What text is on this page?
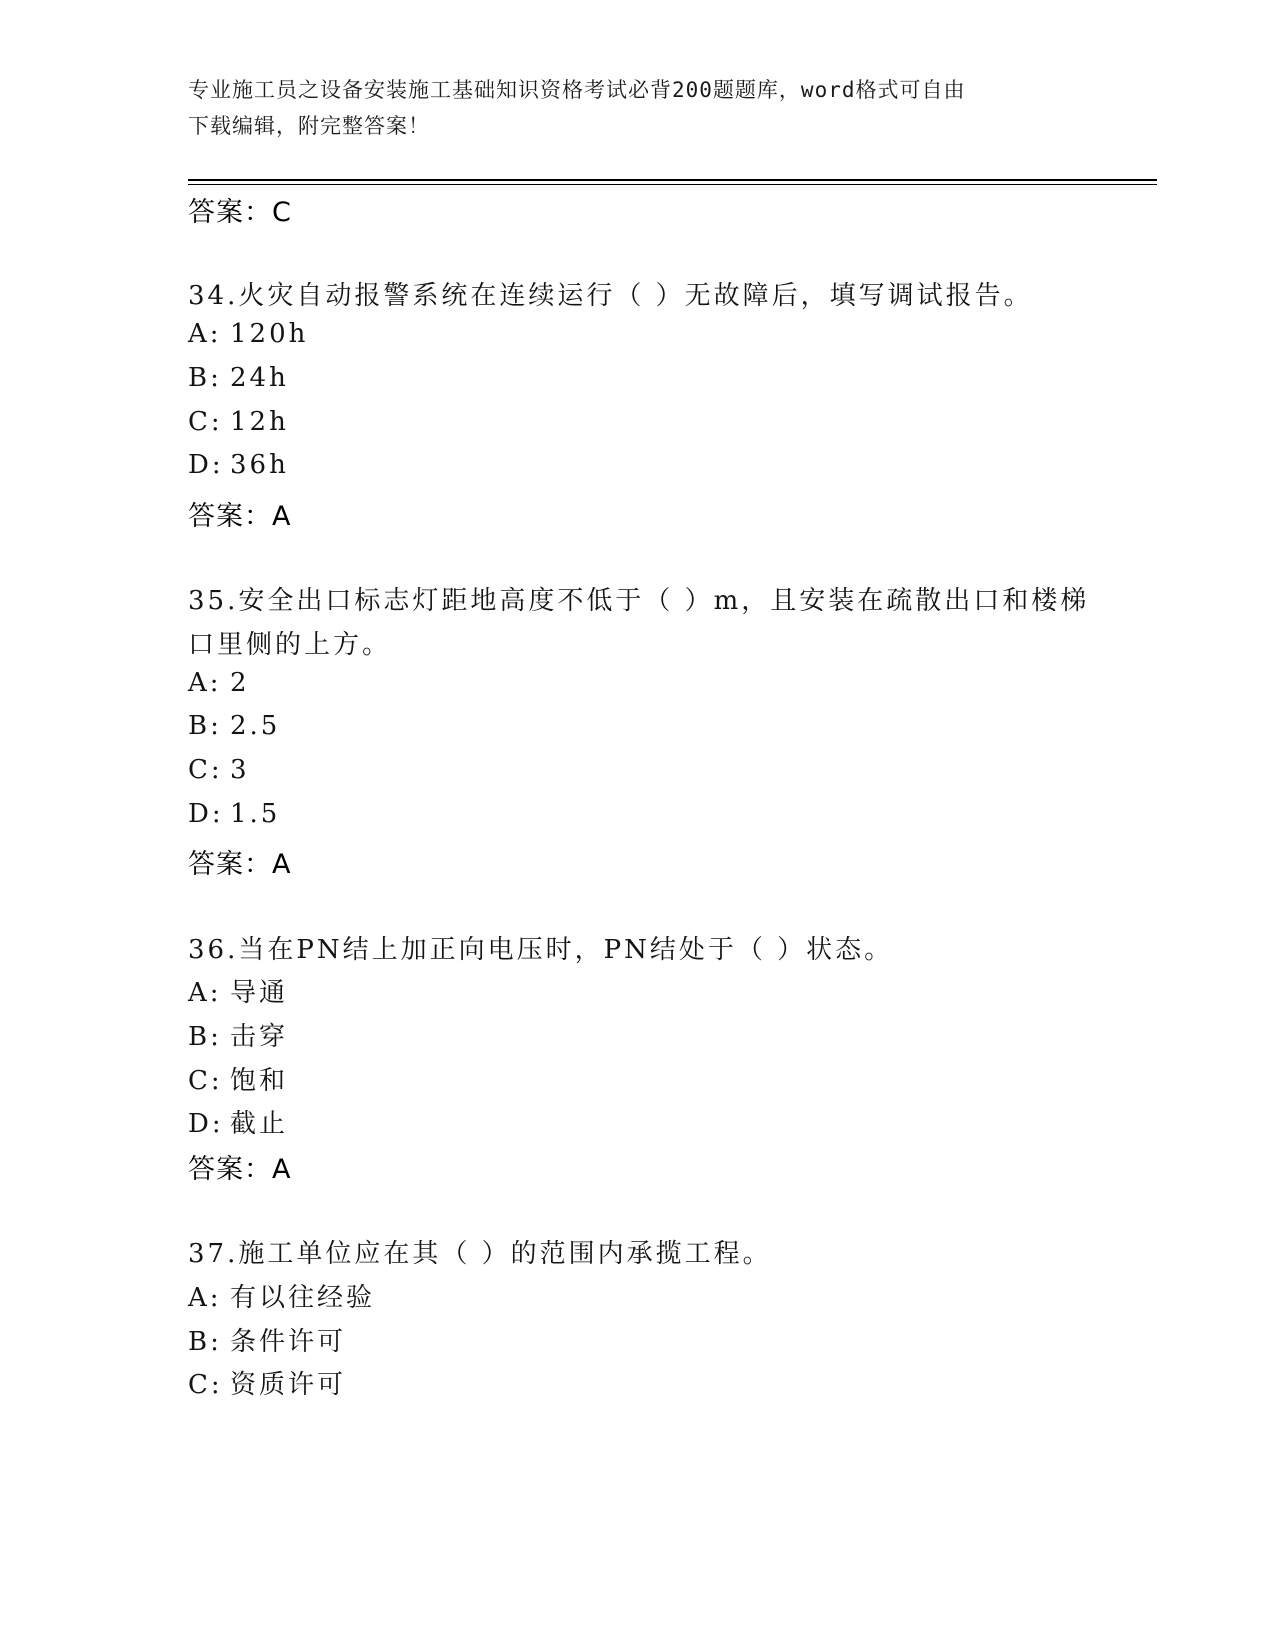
专业施工员之设备安装施工基础知识资格考试必背200题题库，word格式可自由
下载编辑，附完整答案！
答案：C
34.火灾自动报警系统在连续运行（ ）无故障后，填写调试报告。
A: 120h
B: 24h
C: 12h
D: 36h
答案：A
35.安全出口标志灯距地高度不低于（ ）m，且安装在疏散出口和楼梯
口里侧的上方。
A: 2
B: 2.5
C: 3
D: 1.5
答案：A
36.当在PN结上加正向电压时，PN结处于（ ）状态。
A: 导通
B: 击穿
C: 饱和
D: 截止
答案：A
37.施工单位应在其（ ）的范围内承揽工程。
A: 有以往经验
B: 条件许可
C: 资质许可
